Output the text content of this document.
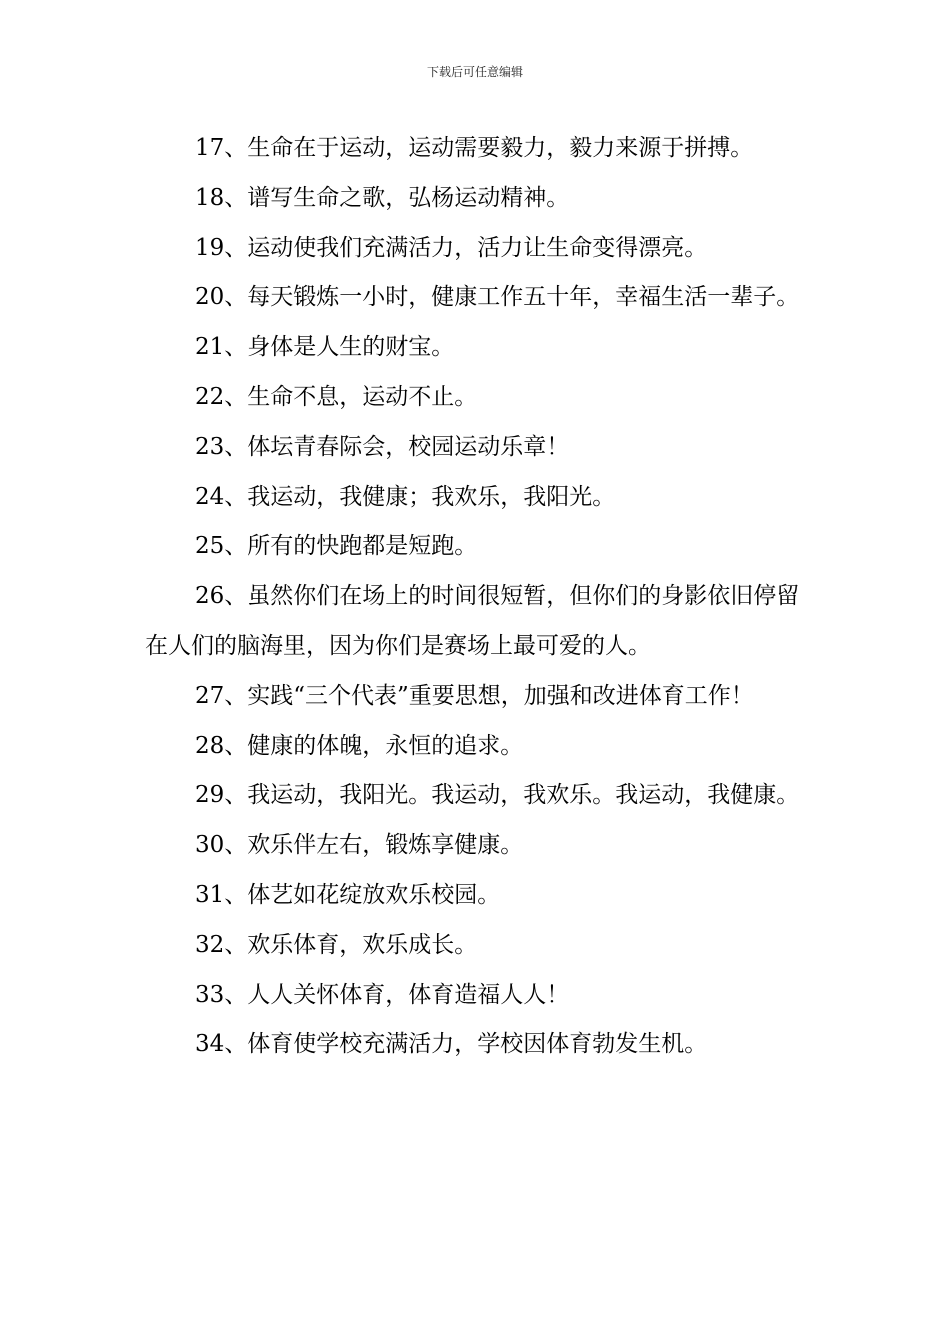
下载后可任意编辑

17、生命在于运动，运动需要毅力，毅力来源于拼搏。

18、谱写生命之歌，弘杨运动精神。

19、运动使我们充满活力，活力让生命变得漂亮。

20、每天锻炼一小时，健康工作五十年，幸福生活一辈子。

21、身体是人生的财宝。

22、生命不息，运动不止。

23、体坛青春际会，校园运动乐章！

24、我运动，我健康；我欢乐，我阳光。

25、所有的快跑都是短跑。

26、虽然你们在场上的时间很短暂，但你们的身影依旧停留在人们的脑海里，因为你们是赛场上最可爱的人。

27、实践“三个代表”重要思想，加强和改进体育工作！

28、健康的体魄，永恒的追求。

29、我运动，我阳光。我运动，我欢乐。我运动，我健康。

30、欢乐伴左右，锻炼享健康。

31、体艺如花绽放欢乐校园。

32、欢乐体育，欢乐成长。

33、人人关怀体育，体育造福人人！

34、体育使学校充满活力，学校因体育勃发生机。
